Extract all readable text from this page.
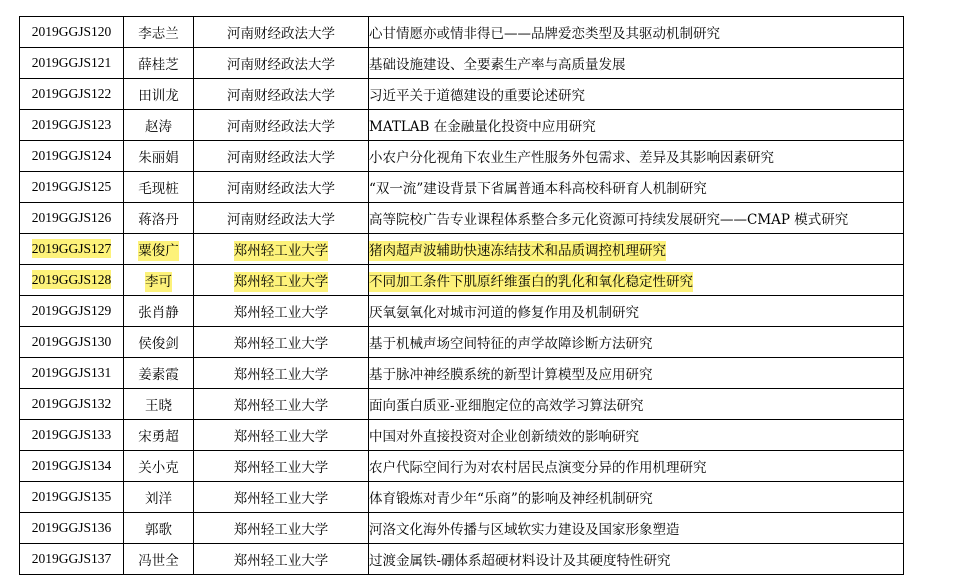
2019GGJS120	李志兰	河南财经政法大学	心甘情愿亦或情非得已——品牌爱恋类型及其驱动机制研究
2019GGJS121	薛桂芝	河南财经政法大学	基础设施建设、全要素生产率与高质量发展
2019GGJS122	田训龙	河南财经政法大学	习近平关于道德建设的重要论述研究
2019GGJS123	赵涛	河南财经政法大学	MATLAB 在金融量化投资中应用研究
2019GGJS124	朱丽娟	河南财经政法大学	小农户分化视角下农业生产性服务外包需求、差异及其影响因素研究
2019GGJS125	毛现桩	河南财经政法大学	“双一流”建设背景下省属普通本科高校科研育人机制研究
2019GGJS126	蒋洛丹	河南财经政法大学	高等院校广告专业课程体系整合多元化资源可持续发展研究——CMAP 模式研究
2019GGJS127	粟俊广	郑州轻工业大学	猪肉超声波辅助快速冻结技术和品质调控机理研究
2019GGJS128	李可	郑州轻工业大学	不同加工条件下肌原纤维蛋白的乳化和氧化稳定性研究
2019GGJS129	张肖静	郑州轻工业大学	厌氧氨氧化对城市河道的修复作用及机制研究
2019GGJS130	侯俊剑	郑州轻工业大学	基于机械声场空间特征的声学故障诊断方法研究
2019GGJS131	姜素霞	郑州轻工业大学	基于脉冲神经膜系统的新型计算模型及应用研究
2019GGJS132	王晓	郑州轻工业大学	面向蛋白质亚-亚细胞定位的高效学习算法研究
2019GGJS133	宋勇超	郑州轻工业大学	中国对外直接投资对企业创新绩效的影响研究
2019GGJS134	关小克	郑州轻工业大学	农户代际空间行为对农村居民点演变分异的作用机理研究
2019GGJS135	刘洋	郑州轻工业大学	体育锻炼对青少年“乐商”的影响及神经机制研究
2019GGJS136	郭歌	郑州轻工业大学	河洛文化海外传播与区域软实力建设及国家形象塑造
2019GGJS137	冯世全	郑州轻工业大学	过渡金属铁-硼体系超硬材料设计及其硬度特性研究
